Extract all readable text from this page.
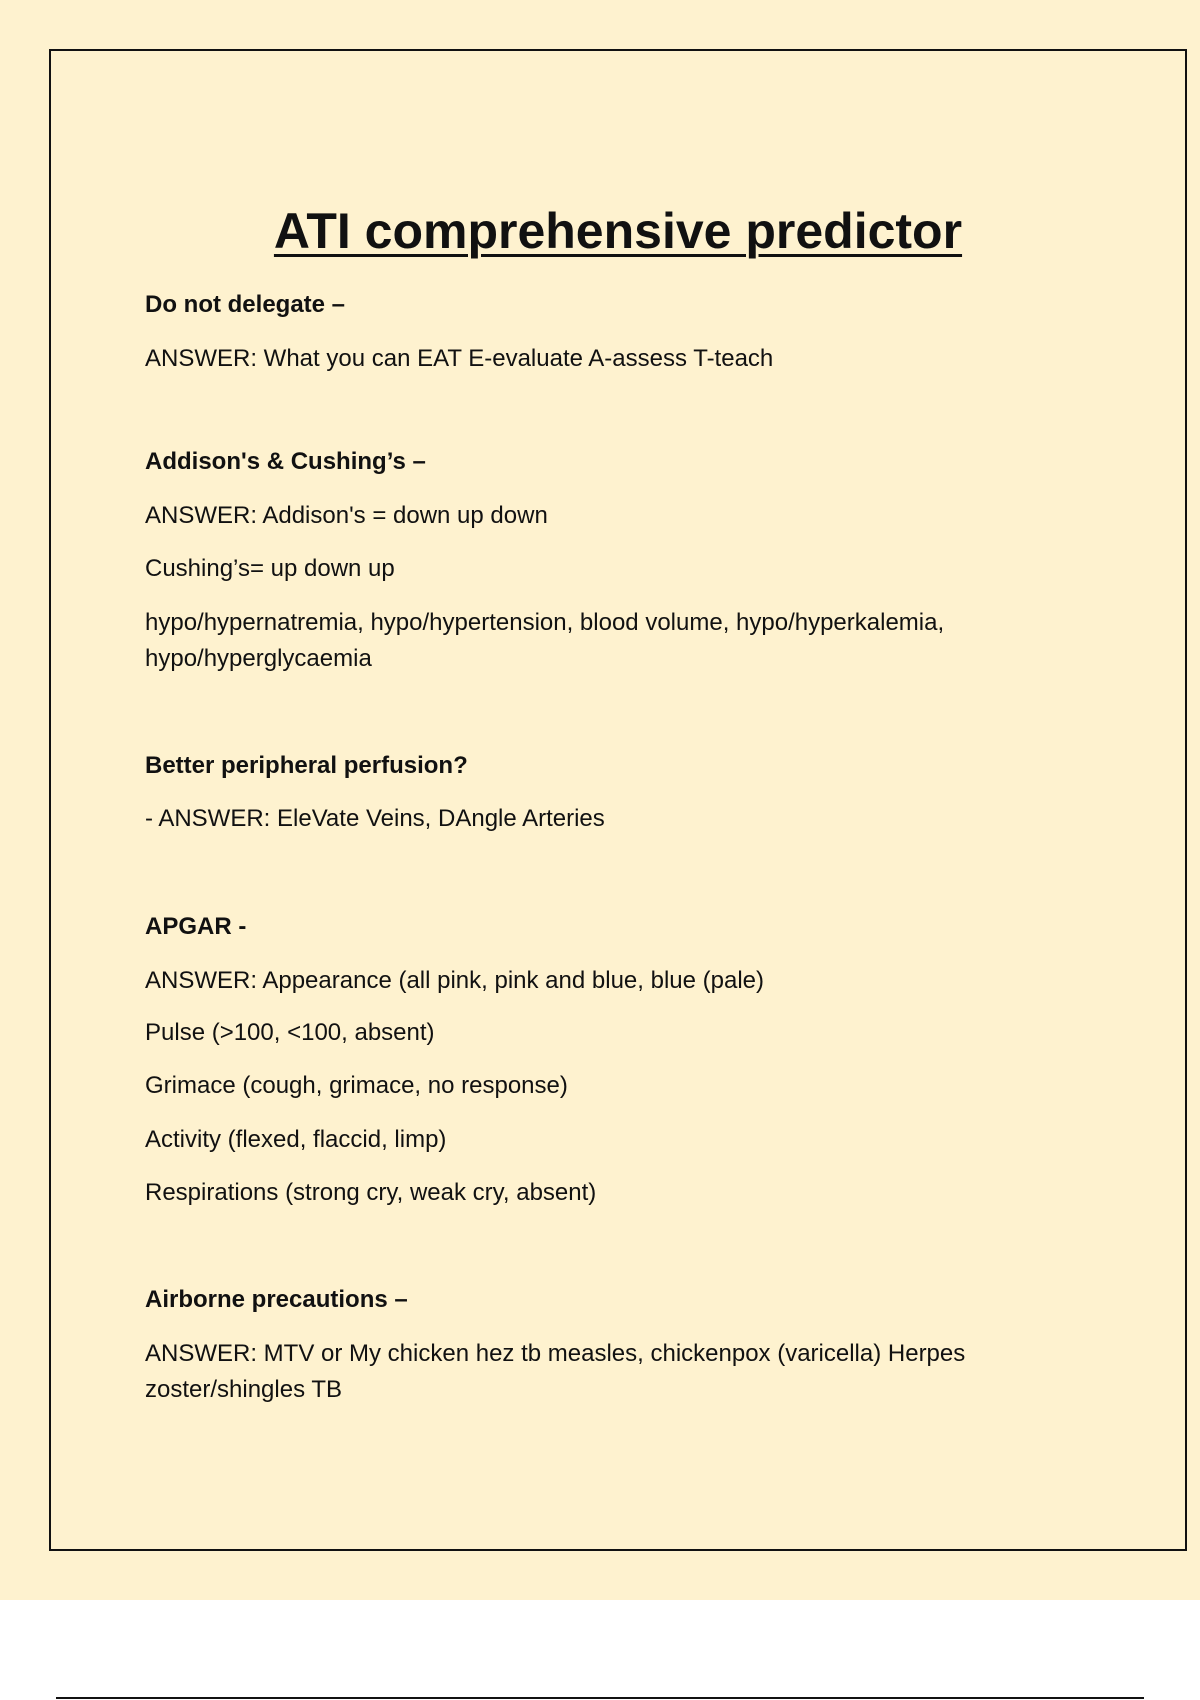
ATI comprehensive predictor

Do not delegate –

ANSWER: What you can EAT E-evaluate A-assess T-teach

Addison's & Cushing’s –

ANSWER: Addison's = down up down

Cushing’s= up down up

hypo/hypernatremia, hypo/hypertension, blood volume, hypo/hyperkalemia, hypo/hyperglycaemia

Better peripheral perfusion?

- ANSWER: EleVate Veins, DAngle Arteries

APGAR -

ANSWER: Appearance (all pink, pink and blue, blue (pale)

Pulse (>100, <100, absent)

Grimace (cough, grimace, no response)

Activity (flexed, flaccid, limp)

Respirations (strong cry, weak cry, absent)

Airborne precautions –

ANSWER: MTV or My chicken hez tb measles, chickenpox (varicella) Herpes zoster/shingles TB
